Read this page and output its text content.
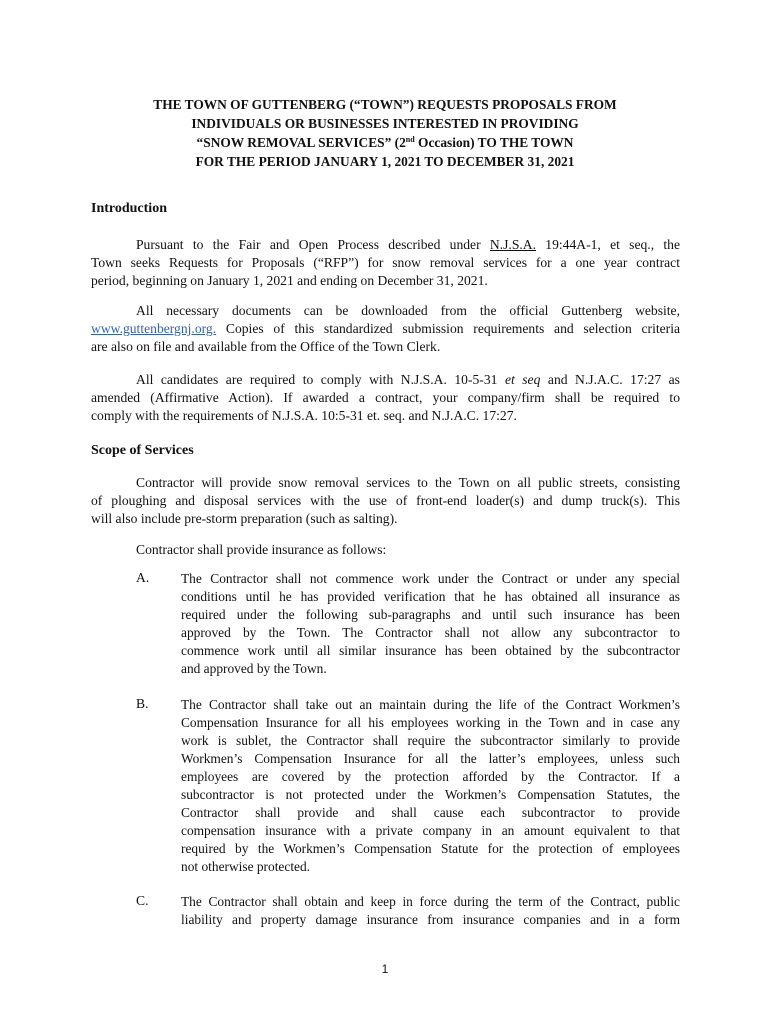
THE TOWN OF GUTTENBERG (“TOWN”) REQUESTS PROPOSALS FROM
INDIVIDUALS OR BUSINESSES INTERESTED IN PROVIDING
“SNOW REMOVAL SERVICES” (2nd Occasion) TO THE TOWN
FOR THE PERIOD JANUARY 1, 2021 TO DECEMBER 31, 2021
Introduction
Pursuant to the Fair and Open Process described under N.J.S.A. 19:44A-1, et seq., the
Town seeks Requests for Proposals (“RFP”) for snow removal services for a one year contract
period, beginning on January 1, 2021 and ending on December 31, 2021.
All necessary documents can be downloaded from the official Guttenberg website,
www.guttenbergnj.org. Copies of this standardized submission requirements and selection criteria
are also on file and available from the Office of the Town Clerk.
All candidates are required to comply with N.J.S.A. 10-5-31 et seq and N.J.A.C. 17:27 as
amended (Affirmative Action). If awarded a contract, your company/firm shall be required to
comply with the requirements of N.J.S.A. 10:5-31 et. seq. and N.J.A.C. 17:27.
Scope of Services
Contractor will provide snow removal services to the Town on all public streets, consisting
of ploughing and disposal services with the use of front-end loader(s) and dump truck(s). This
will also include pre-storm preparation (such as salting).
Contractor shall provide insurance as follows:
A. The Contractor shall not commence work under the Contract or under any special
conditions until he has provided verification that he has obtained all insurance as
required under the following sub-paragraphs and until such insurance has been
approved by the Town. The Contractor shall not allow any subcontractor to
commence work until all similar insurance has been obtained by the subcontractor
and approved by the Town.
B. The Contractor shall take out an maintain during the life of the Contract Workmen’s
Compensation Insurance for all his employees working in the Town and in case any
work is sublet, the Contractor shall require the subcontractor similarly to provide
Workmen’s Compensation Insurance for all the latter’s employees, unless such
employees are covered by the protection afforded by the Contractor. If a
subcontractor is not protected under the Workmen’s Compensation Statutes, the
Contractor shall provide and shall cause each subcontractor to provide
compensation insurance with a private company in an amount equivalent to that
required by the Workmen’s Compensation Statute for the protection of employees
not otherwise protected.
C. The Contractor shall obtain and keep in force during the term of the Contract, public
liability and property damage insurance from insurance companies and in a form
1
